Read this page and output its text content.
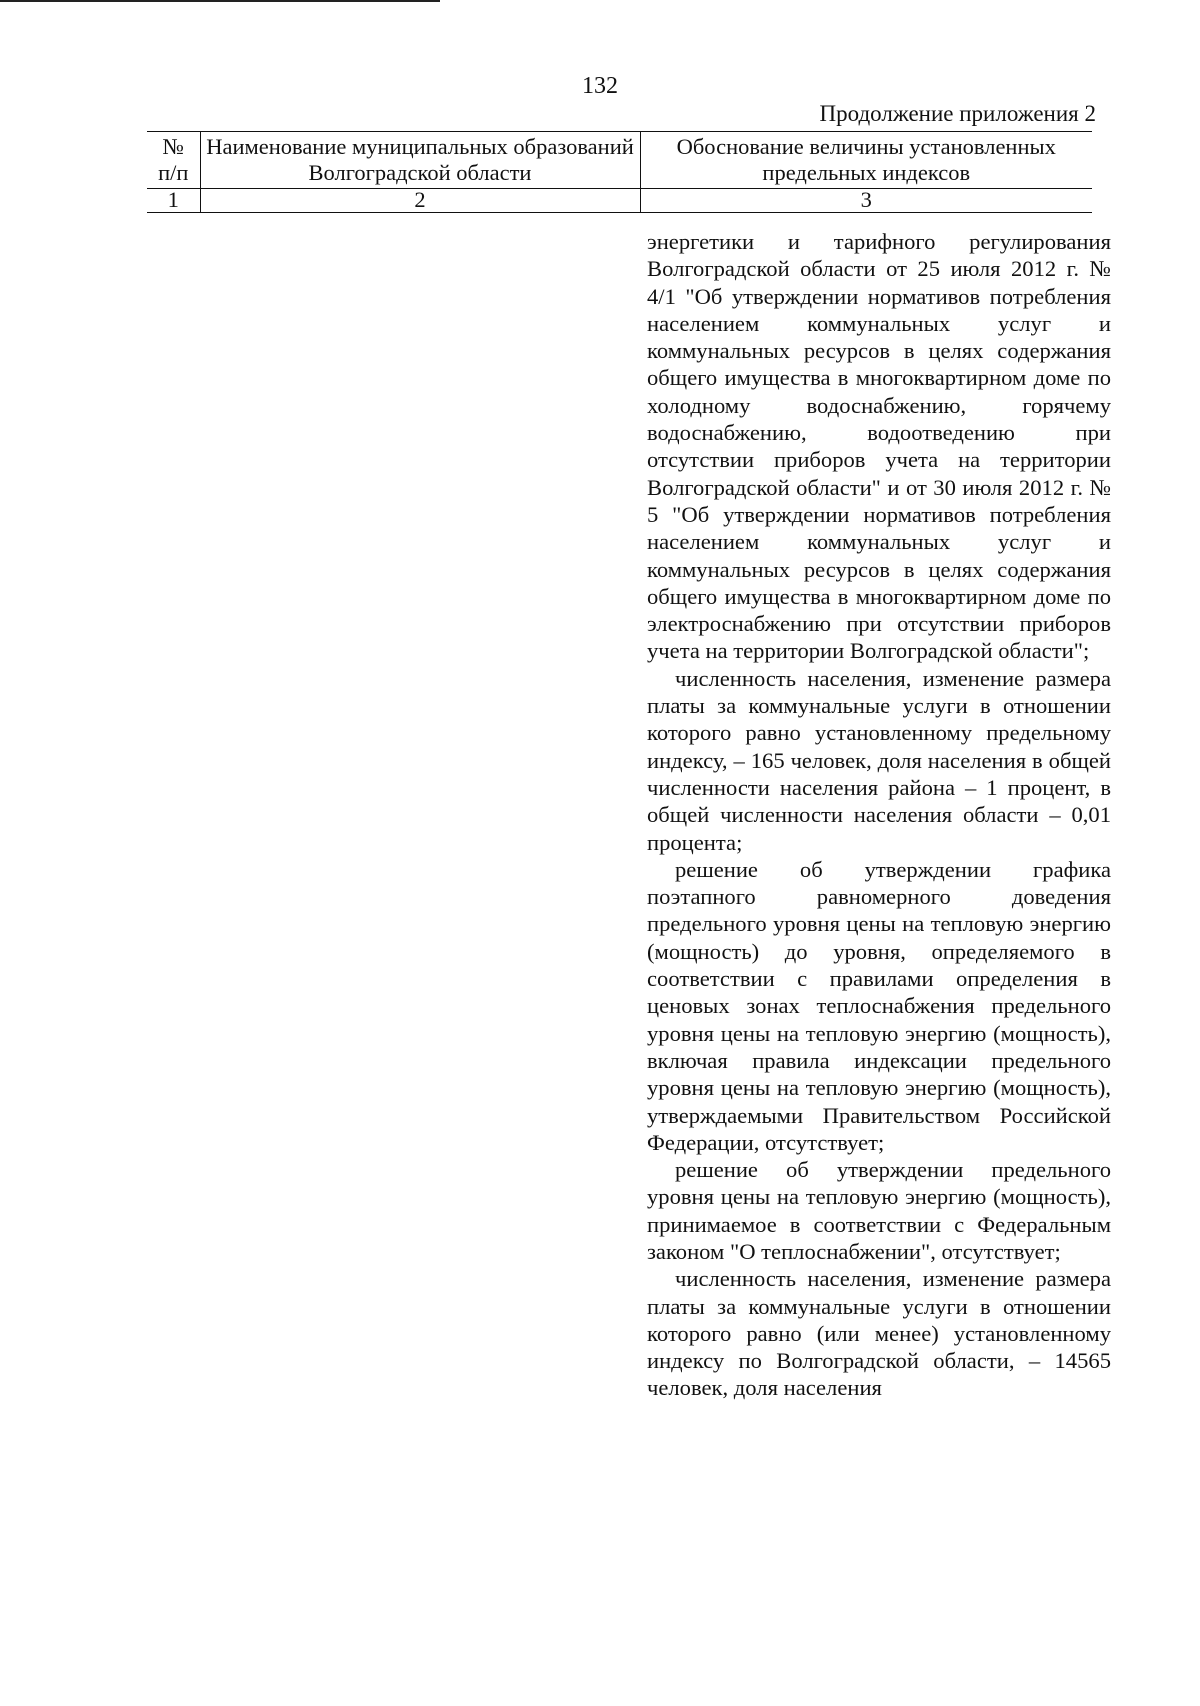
132
Продолжение приложения 2
№ п/п	Наименование муниципальных образований Волгоградской области	Обоснование величины установленных предельных индексов
1	2	3

энергетики и тарифного регулирования Волгоградской области от 25 июля 2012 г. № 4/1 "Об утверждении нормативов потребления населением коммунальных услуг и коммунальных ресурсов в целях содержания общего имущества в многоквартирном доме по холодному водоснабжению, горячему водоснабжению, водоотведению при отсутствии приборов учета на территории Волгоградской области" и от 30 июля 2012 г. № 5 "Об утверждении нормативов потребления населением коммунальных услуг и коммунальных ресурсов в целях содержания общего имущества в многоквартирном доме по электроснабжению при отсутствии приборов учета на территории Волгоградской области";

численность населения, изменение размера платы за коммунальные услуги в отношении которого равно установленному предельному индексу, – 165 человек, доля населения в общей численности населения района – 1 процент, в общей численности населения области – 0,01 процента;

решение об утверждении графика поэтапного равномерного доведения предельного уровня цены на тепловую энергию (мощность) до уровня, определяемого в соответствии с правилами определения в ценовых зонах теплоснабжения предельного уровня цены на тепловую энергию (мощность), включая правила индексации предельного уровня цены на тепловую энергию (мощность), утверждаемыми Правительством Российской Федерации, отсутствует;

решение об утверждении предельного уровня цены на тепловую энергию (мощность), принимаемое в соответствии с Федеральным законом "О теплоснабжении", отсутствует;

численность населения, изменение размера платы за коммунальные услуги в отношении которого равно (или менее) установленному индексу по Волгоградской области, – 14565 человек, доля населения
